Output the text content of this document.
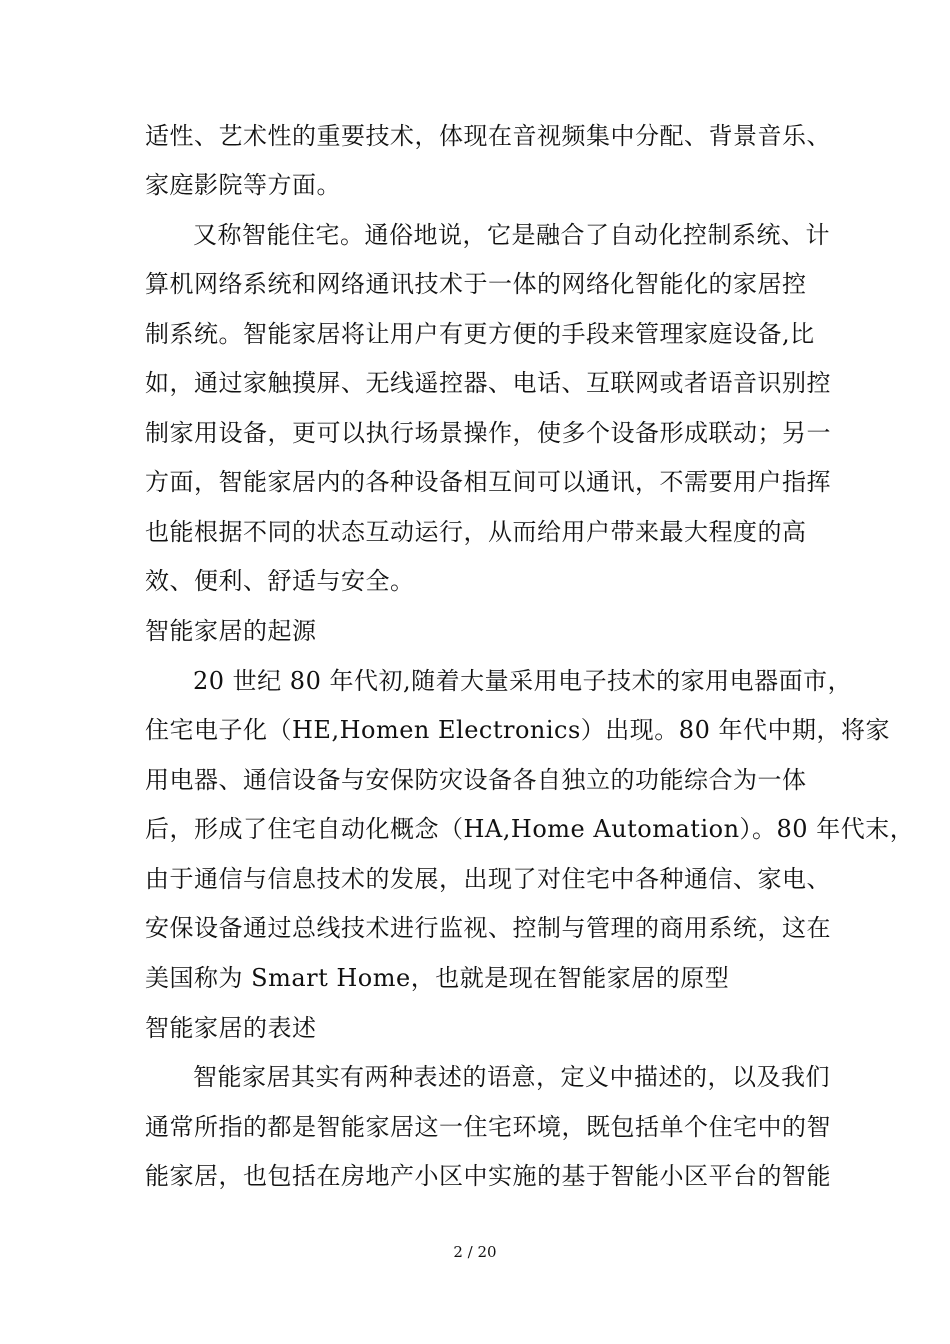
适性、艺术性的重要技术，体现在音视频集中分配、背景音乐、
家庭影院等方面。
又称智能住宅。通俗地说，它是融合了自动化控制系统、计
算机网络系统和网络通讯技术于一体的网络化智能化的家居控
制系统。智能家居将让用户有更方便的手段来管理家庭设备,比
如，通过家触摸屏、无线遥控器、电话、互联网或者语音识别控
制家用设备，更可以执行场景操作，使多个设备形成联动；另一
方面，智能家居内的各种设备相互间可以通讯，不需要用户指挥
也能根据不同的状态互动运行，从而给用户带来最大程度的高
效、便利、舒适与安全。
智能家居的起源
20 世纪 80 年代初,随着大量采用电子技术的家用电器面市，
住宅电子化（HE,Homen Electronics）出现。80 年代中期，将家
用电器、通信设备与安保防灾设备各自独立的功能综合为一体
后，形成了住宅自动化概念（HA,Home Automation）。80 年代末，
由于通信与信息技术的发展，出现了对住宅中各种通信、家电、
安保设备通过总线技术进行监视、控制与管理的商用系统，这在
美国称为 Smart Home，也就是现在智能家居的原型
智能家居的表述
智能家居其实有两种表述的语意，定义中描述的，以及我们
通常所指的都是智能家居这一住宅环境，既包括单个住宅中的智
能家居，也包括在房地产小区中实施的基于智能小区平台的智能
2 / 20
